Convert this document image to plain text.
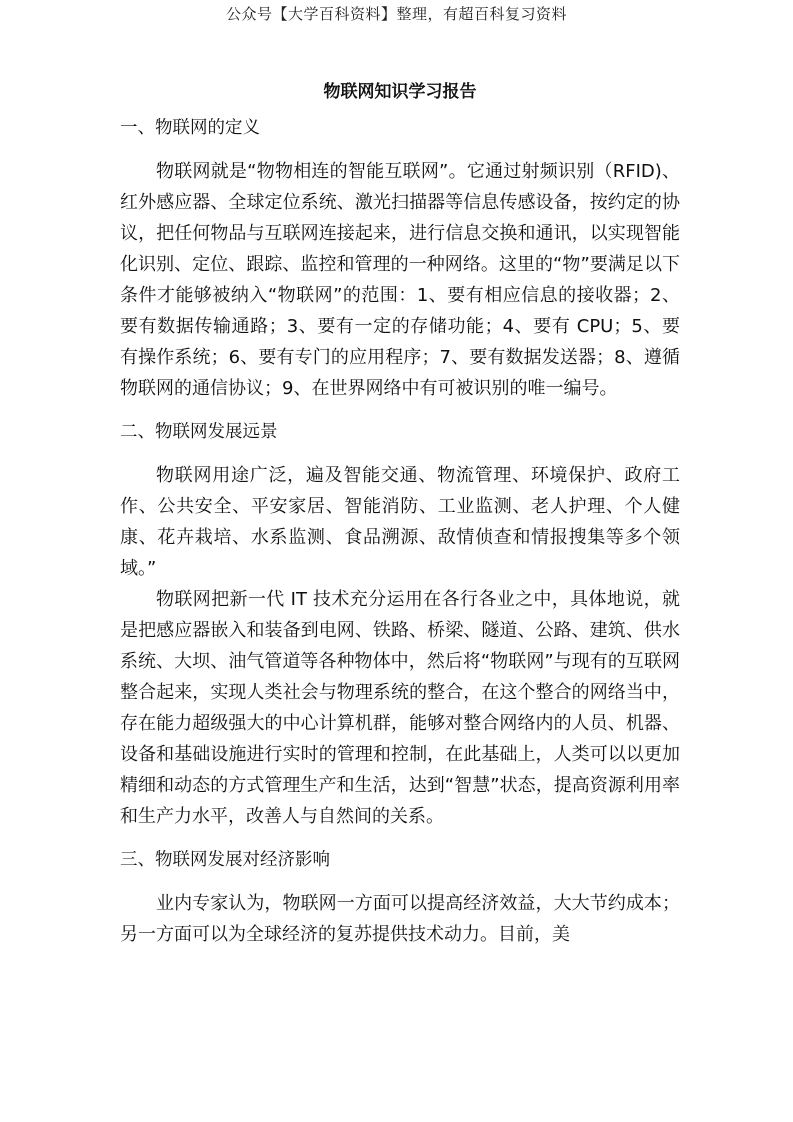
公众号【大学百科资料】整理，有超百科复习资料
物联网知识学习报告
一、物联网的定义
物联网就是“物物相连的智能互联网”。它通过射频识别（RFID)、红外感应器、全球定位系统、激光扫描器等信息传感设备，按约定的协议，把任何物品与互联网连接起来，进行信息交换和通讯，以实现智能化识别、定位、跟踪、监控和管理的一种网络。这里的“物”要满足以下条件才能够被纳入“物联网”的范围：1、要有相应信息的接收器；2、要有数据传输通路；3、要有一定的存储功能；4、要有 CPU；5、要有操作系统；6、要有专门的应用程序；7、要有数据发送器；8、遵循物联网的通信协议；9、在世界网络中有可被识别的唯一编号。
二、物联网发展远景
物联网用途广泛，遍及智能交通、物流管理、环境保护、政府工作、公共安全、平安家居、智能消防、工业监测、老人护理、个人健康、花卉栽培、水系监测、食品溯源、敌情侦查和情报搜集等多个领域。”
物联网把新一代 IT 技术充分运用在各行各业之中，具体地说，就是把感应器嵌入和装备到电网、铁路、桥梁、隧道、公路、建筑、供水系统、大坝、油气管道等各种物体中，然后将“物联网”与现有的互联网整合起来，实现人类社会与物理系统的整合，在这个整合的网络当中，存在能力超级强大的中心计算机群，能够对整合网络内的人员、机器、设备和基础设施进行实时的管理和控制，在此基础上，人类可以以更加精细和动态的方式管理生产和生活，达到“智慧”状态，提高资源利用率和生产力水平，改善人与自然间的关系。
三、物联网发展对经济影响
业内专家认为，物联网一方面可以提高经济效益，大大节约成本；另一方面可以为全球经济的复苏提供技术动力。目前，美
